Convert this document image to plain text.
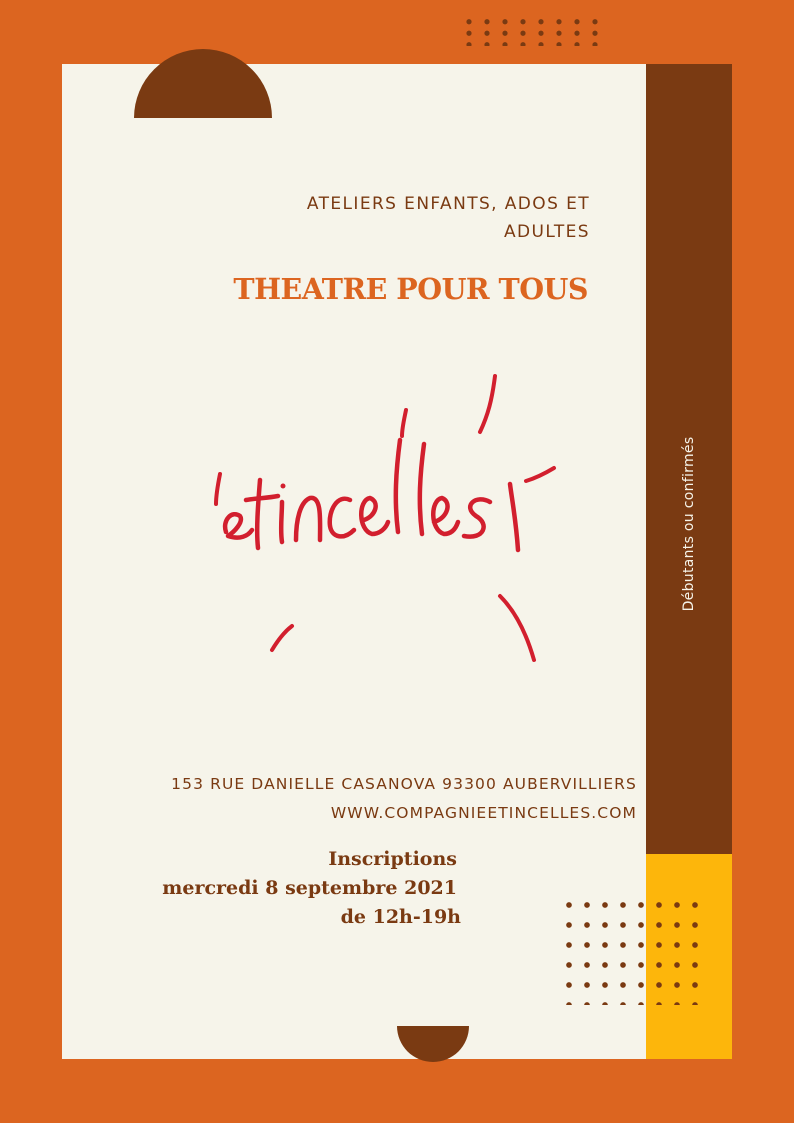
ATELIERS ENFANTS, ADOS ET
ADULTES
THEATRE POUR TOUS
153 RUE DANIELLE CASANOVA 93300 AUBERVILLIERS
WWW.COMPAGNIEETINCELLES.COM
Inscriptions
mercredi 8 septembre 2021
de 12h-19h
Débutants ou confirmés
